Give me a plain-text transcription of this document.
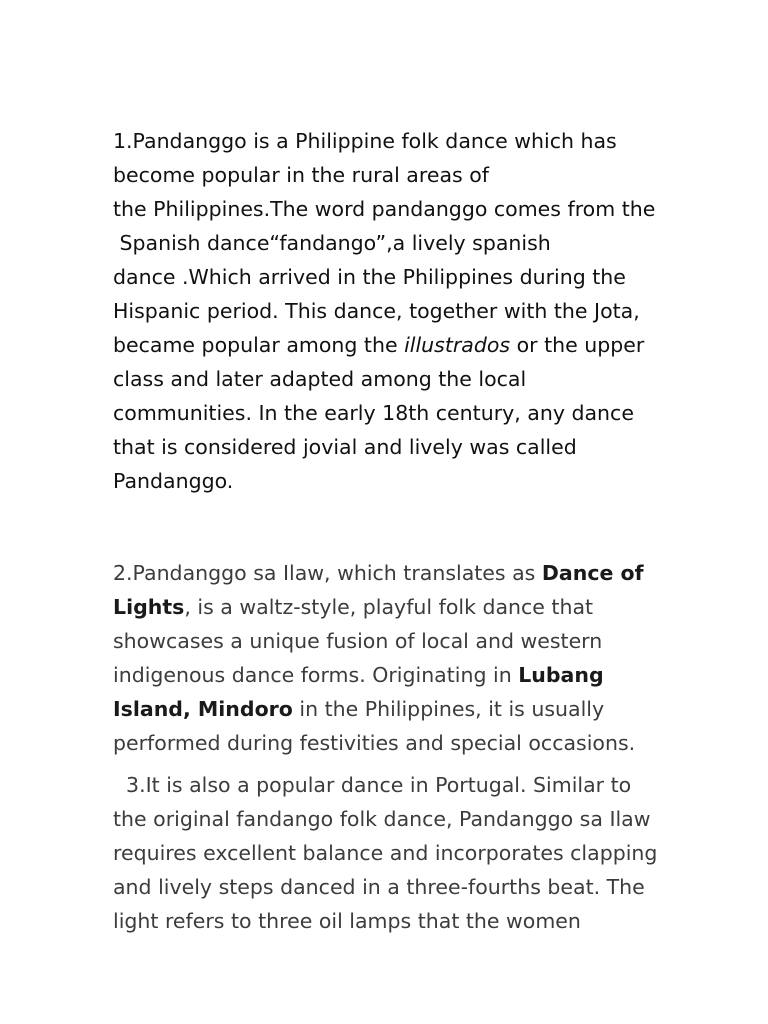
1.Pandanggo is a Philippine folk dance which has
become popular in the rural areas of
the Philippines.The word pandanggo comes from the
Spanish dance“fandango”,a lively spanish
dance .Which arrived in the Philippines during the
Hispanic period. This dance, together with the Jota,
became popular among the illustrados or the upper
class and later adapted among the local
communities. In the early 18th century, any dance
that is considered jovial and lively was called
Pandanggo.
2.Pandanggo sa Ilaw, which translates as Dance of
Lights, is a waltz-style, playful folk dance that
showcases a unique fusion of local and western
indigenous dance forms. Originating in Lubang
Island, Mindoro in the Philippines, it is usually
performed during festivities and special occasions.
3.It is also a popular dance in Portugal. Similar to
the original fandango folk dance, Pandanggo sa Ilaw
requires excellent balance and incorporates clapping
and lively steps danced in a three-fourths beat. The
light refers to three oil lamps that the women
